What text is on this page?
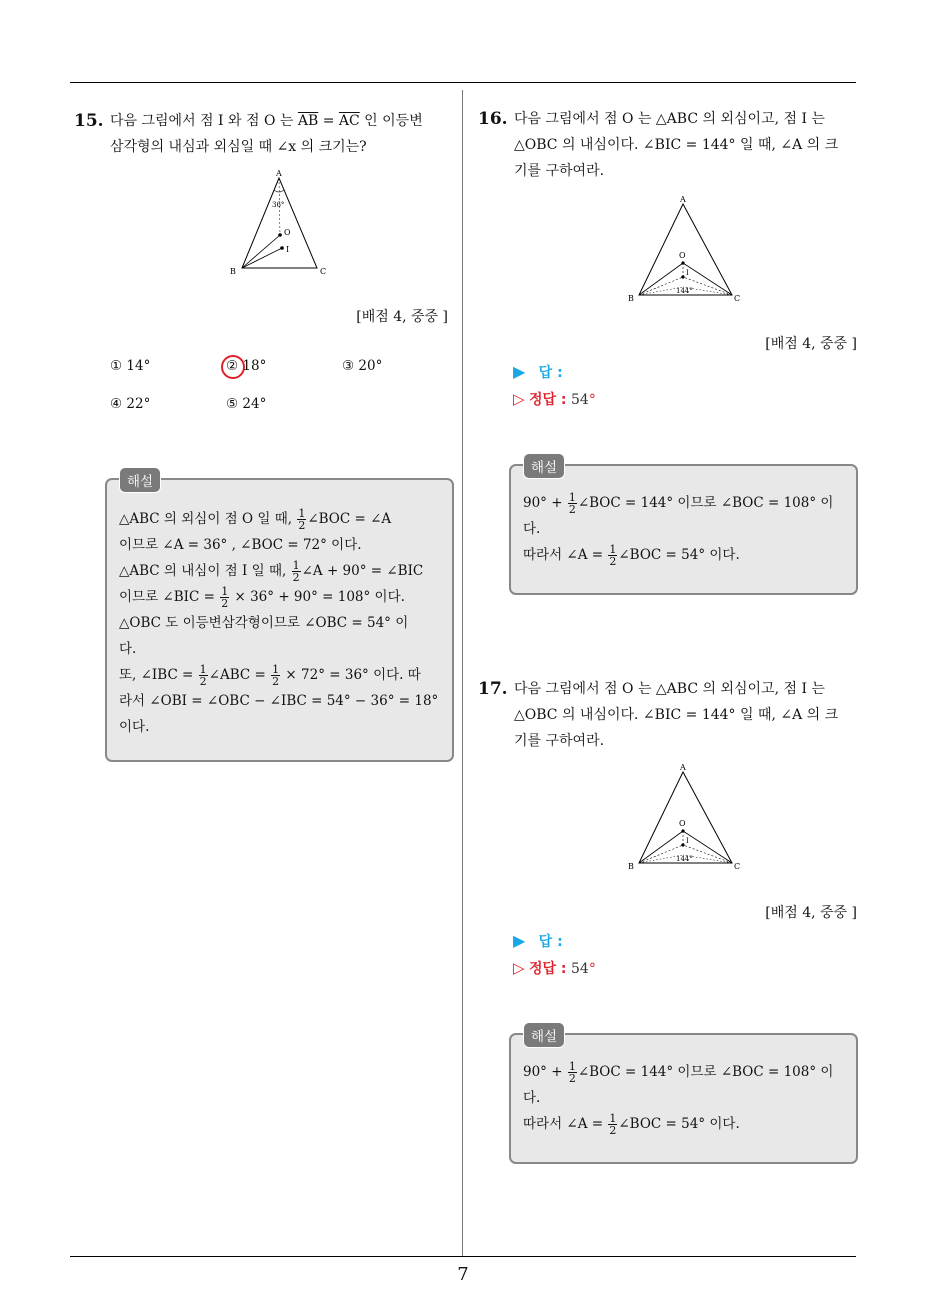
15. 다음 그림에서 점 I 와 점 O 는 $\overline{AB} = \overline{AC}$ 인 이등변
삼각형의 내심과 외심일 때 ∠x 의 크기는?
A
B	C
O
I
36°
[배점 4, 중중 ]
① 14°	② 18°	③ 20°
④ 22°	⑤ 24°
해설
△ABC 의 외심이 점 O 일 때, $\frac{1}{2}$ ∠BOC = ∠A
이므로 ∠A = 36° , ∠BOC = 72° 이다.
△ABC 의 내심이 점 I 일 때, $\frac{1}{2}$ ∠A + 90° = ∠BIC
이므로 ∠BIC = $\frac{1}{2} \times 36^\circ + 90^\circ = 108^\circ$ 이다.
△OBC 도 이등변삼각형이므로 ∠OBC = 54° 이
다.
또, ∠IBC = $\frac{1}{2}$ ∠ABC = $\frac{1}{2} \times 72^\circ = 36^\circ$ 이다. 따
라서 ∠OBI = ∠OBC − ∠IBC = 54° − 36° = 18°
이다.
16. 다음 그림에서 점 O 는 △ABC 의 외심이고, 점 I 는
△OBC 의 내심이다. ∠BIC = 144° 일 때, ∠A 의 크
기를 구하여라.
A
B	C
O
I
144°
[배점 4, 중중 ]
▶ 답 :
▷ 정답 : 54°
해설
$90^\circ + \frac{1}{2}$ ∠BOC = 144° 이므로 ∠BOC = 108° 이
다.
따라서 ∠A = $\frac{1}{2}$ ∠BOC = 54° 이다.
17. 다음 그림에서 점 O 는 △ABC 의 외심이고, 점 I 는
△OBC 의 내심이다. ∠BIC = 144° 일 때, ∠A 의 크
기를 구하여라.
A
B	C
O
I
144°
[배점 4, 중중 ]
▶ 답 :
▷ 정답 : 54°
해설
$90^\circ + \frac{1}{2}$ ∠BOC = 144° 이므로 ∠BOC = 108° 이
다.
따라서 ∠A = $\frac{1}{2}$ ∠BOC = 54° 이다.
7
